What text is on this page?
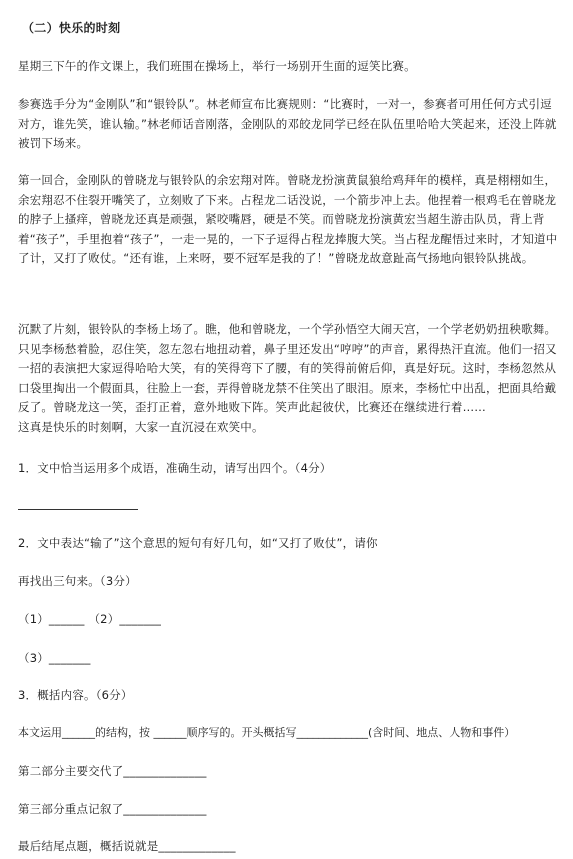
（二）快乐的时刻
星期三下午的作文课上，我们班围在操场上，举行一场别开生面的逗笑比赛。
参赛选手分为“金刚队”和“银铃队”。林老师宣布比赛规则：“比赛时，一对一，参赛者可用任何方式引逗对方，谁先笑，谁认输。”林老师话音刚落，金刚队的邓皎龙同学已经在队伍里哈哈大笑起来，还没上阵就被罚下场来。
第一回合，金刚队的曾晓龙与银铃队的余宏翔对阵。曾晓龙扮演黄鼠狼给鸡拜年的模样，真是栩栩如生，余宏翔忍不住裂开嘴笑了，立刻败了下来。占程龙二话没说，一个箭步冲上去。他捏着一根鸡毛在曾晓龙的脖子上搔痒，曾晓龙还真是顽强，紧咬嘴唇，硬是不笑。而曾晓龙扮演黄宏当超生游击队员，背上背着“孩子”，手里抱着“孩子”，一走一晃的，一下子逗得占程龙捧腹大笑。当占程龙醒悟过来时，才知道中了计，又打了败仗。“还有谁，上来呀，要不冠军是我的了！”曾晓龙故意趾高气扬地向银铃队挑战。
沉默了片刻，银铃队的李杨上场了。瞧，他和曾晓龙，一个学孙悟空大闹天宫，一个学老奶奶扭秧歌舞。只见李杨愁着脸，忍住笑，忽左忽右地扭动着，鼻子里还发出“哼哼”的声音，累得热汗直流。他们一招又一招的表演把大家逗得哈哈大笑，有的笑得弯下了腰，有的笑得前俯后仰，真是好玩。这时，李杨忽然从口袋里掏出一个假面具，往脸上一套，弄得曾晓龙禁不住笑出了眼泪。原来，李杨忙中出乱，把面具给戴反了。曾晓龙这一笑，歪打正着，意外地败下阵。笑声此起彼伏，比赛还在继续进行着……
这真是快乐的时刻啊，大家一直沉浸在欢笑中。
1．文中恰当运用多个成语，准确生动，请写出四个。（4分）
2．文中表达“输了”这个意思的短句有好几句，如“又打了败仗”，请你
再找出三句来。（3分）
（1）______ （2）_______
（3）_______
3．概括内容。（6分）
本文运用______的结构，按 ______顺序写的。开头概括写_____________(含时间、地点、人物和事件）
第二部分主要交代了______________
第三部分重点记叙了______________
最后结尾点题，概括说就是_____________
